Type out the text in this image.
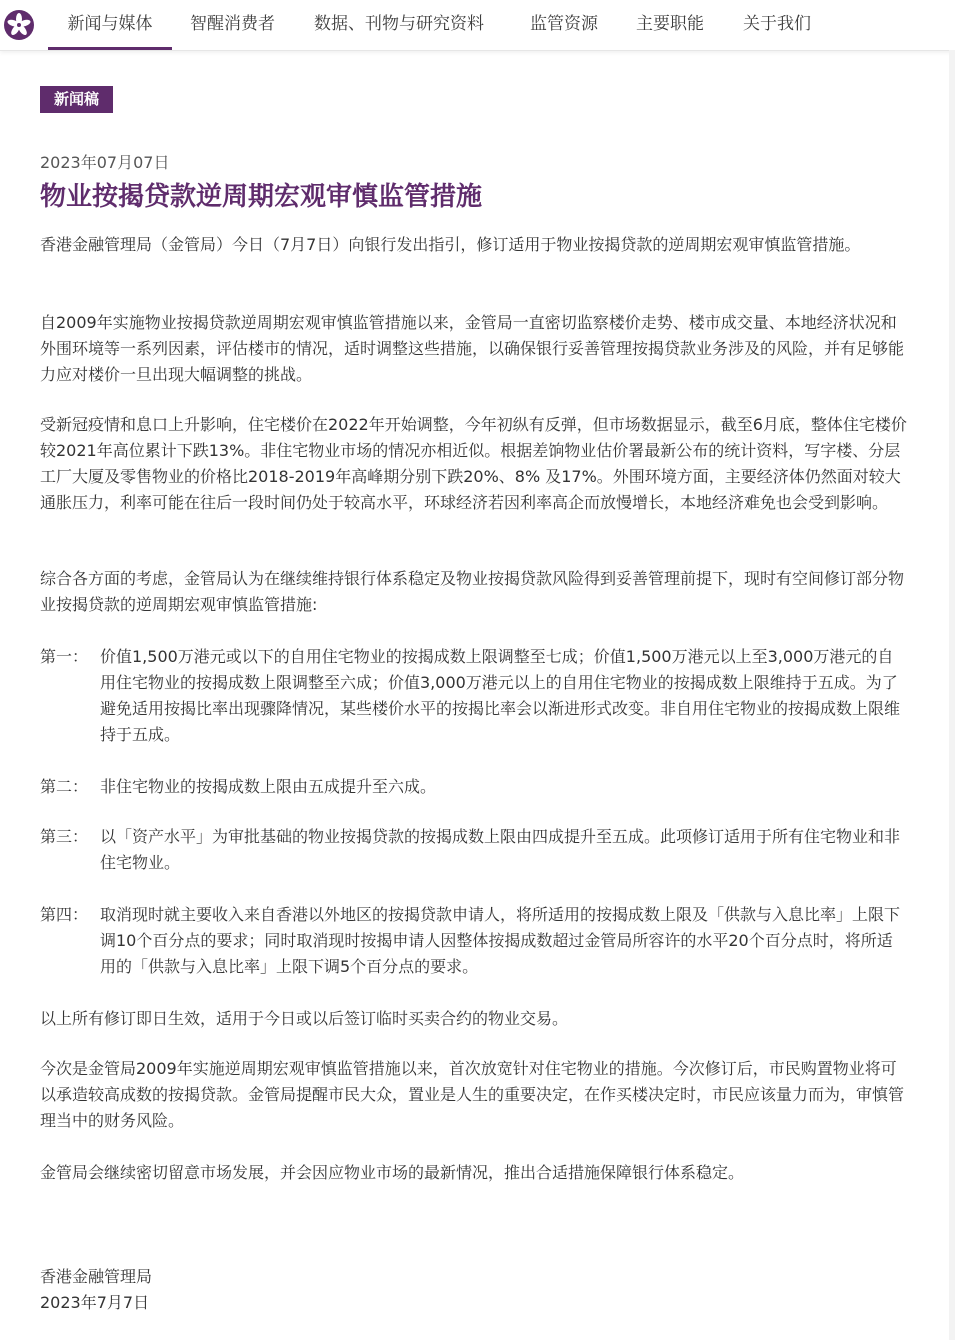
新闻与媒体	智醒消费者 数据、刊物与研究资料	监管资源 主要职能 关于我们
新闻稿
2023年07月07日
物业按揭贷款逆周期宏观审慎监管措施

香港金融管理局（金管局）今日（7月7日）向银行发出指引，修订适用于物业按揭贷款的逆周期宏观审慎监管措施。

自2009年实施物业按揭贷款逆周期宏观审慎监管措施以来，金管局一直密切监察楼价走势、楼市成交量、本地经济状况和外围环境等一系列因素，评估楼市的情况，适时调整这些措施，以确保银行妥善管理按揭贷款业务涉及的风险，并有足够能力应对楼价一旦出现大幅调整的挑战。

受新冠疫情和息口上升影响，住宅楼价在2022年开始调整，今年初纵有反弹，但市场数据显示，截至6月底，整体住宅楼价较2021年高位累计下跌13%。非住宅物业市场的情况亦相近似。根据差饷物业估价署最新公布的统计资料，写字楼、分层工厂大厦及零售物业的价格比2018-2019年高峰期分别下跌20%、8% 及17%。外围环境方面，主要经济体仍然面对较大通胀压力，利率可能在往后一段时间仍处于较高水平，环球经济若因利率高企而放慢增长，本地经济难免也会受到影响。

综合各方面的考虑，金管局认为在继续维持银行体系稳定及物业按揭贷款风险得到妥善管理前提下，现时有空间修订部分物业按揭贷款的逆周期宏观审慎监管措施:

第一： 价值1,500万港元或以下的自用住宅物业的按揭成数上限调整至七成；价值1,500万港元以上至3,000万港元的自用住宅物业的按揭成数上限调整至六成；价值3,000万港元以上的自用住宅物业的按揭成数上限维持于五成。为了避免适用按揭比率出现骤降情况，某些楼价水平的按揭比率会以渐进形式改变。非自用住宅物业的按揭成数上限维持于五成。
第二： 非住宅物业的按揭成数上限由五成提升至六成。
第三： 以「资产水平」为审批基础的物业按揭贷款的按揭成数上限由四成提升至五成。此项修订适用于所有住宅物业和非住宅物业。
第四： 取消现时就主要收入来自香港以外地区的按揭贷款申请人，将所适用的按揭成数上限及「供款与入息比率」上限下调10个百分点的要求；同时取消现时按揭申请人因整体按揭成数超过金管局所容许的水平20个百分点时，将所适用的「供款与入息比率」上限下调5个百分点的要求。

以上所有修订即日生效，适用于今日或以后签订临时买卖合约的物业交易。

今次是金管局2009年实施逆周期宏观审慎监管措施以来，首次放宽针对住宅物业的措施。今次修订后，市民购置物业将可以承造较高成数的按揭贷款。金管局提醒市民大众，置业是人生的重要决定，在作买楼决定时，市民应该量力而为，审慎管理当中的财务风险。

金管局会继续密切留意市场发展，并会因应物业市场的最新情况，推出合适措施保障银行体系稳定。

香港金融管理局
2023年7月7日
